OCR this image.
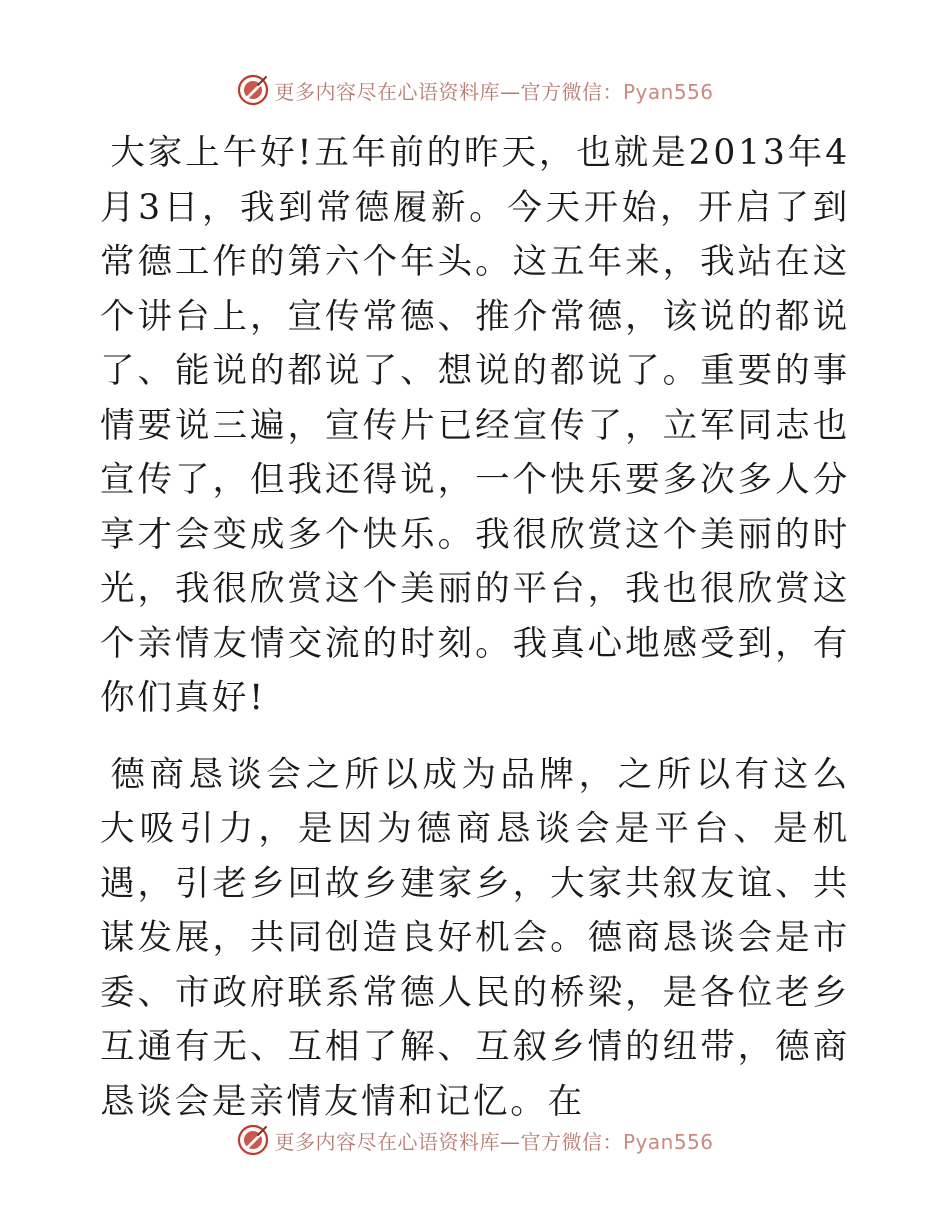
更多内容尽在心语资料库—官方微信：Pyan556

大家上午好!五年前的昨天，也就是2013年4月3日，我到常德履新。今天开始，开启了到常德工作的第六个年头。这五年来，我站在这个讲台上，宣传常德、推介常德，该说的都说了、能说的都说了、想说的都说了。重要的事情要说三遍，宣传片已经宣传了，立军同志也宣传了，但我还得说，一个快乐要多次多人分享才会变成多个快乐。我很欣赏这个美丽的时光，我很欣赏这个美丽的平台，我也很欣赏这个亲情友情交流的时刻。我真心地感受到，有你们真好!

德商恳谈会之所以成为品牌，之所以有这么大吸引力，是因为德商恳谈会是平台、是机遇，引老乡回故乡建家乡，大家共叙友谊、共谋发展，共同创造良好机会。德商恳谈会是市委、市政府联系常德人民的桥梁，是各位老乡互通有无、互相了解、互叙乡情的纽带，德商恳谈会是亲情友情和记忆。在

更多内容尽在心语资料库—官方微信：Pyan556
